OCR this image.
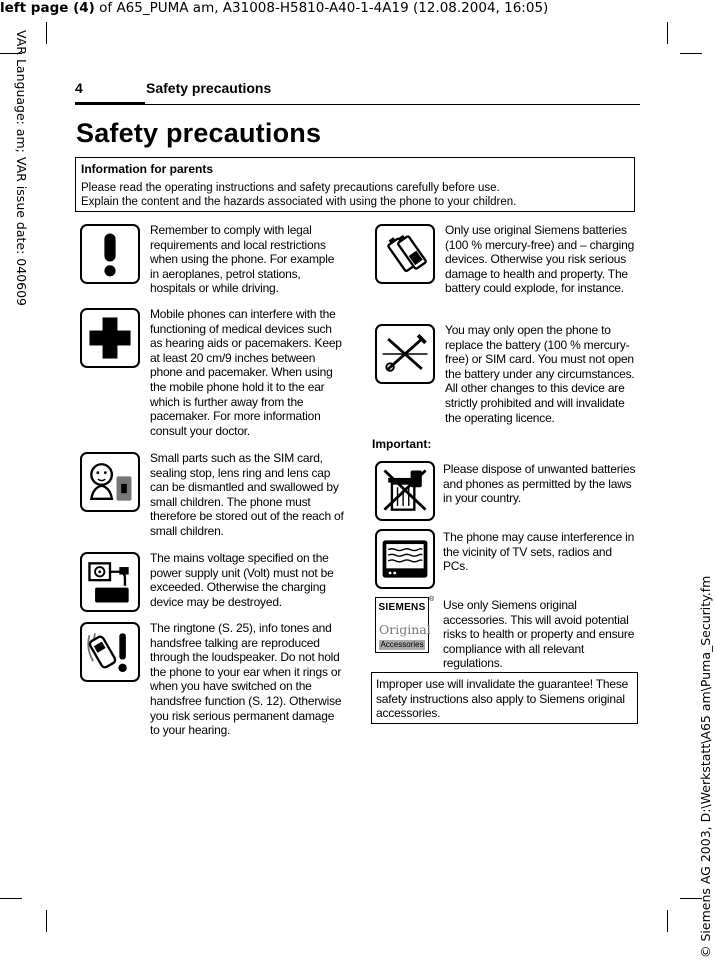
left page (4) of A65_PUMA am, A31008-H5810-A40-1-4A19 (12.08.2004, 16:05)
VAR Language: am; VAR issue date: 040609
© Siemens AG 2003, D:\Werkstatt\A65 am\Puma_Security.fm
4	Safety precautions
Safety precautions
Information for parents
Please read the operating instructions and safety precautions carefully before use.
Explain the content and the hazards associated with using the phone to your children.
Remember to comply with legal requirements and local restrictions when using the phone. For example in aeroplanes, petrol stations, hospitals or while driving.
Mobile phones can interfere with the functioning of medical devices such as hearing aids or pacemakers. Keep at least 20 cm/9 inches between phone and pacemaker. When using the mobile phone hold it to the ear which is further away from the pacemaker. For more information consult your doctor.
Small parts such as the SIM card, sealing stop, lens ring and lens cap can be dismantled and swallowed by small children. The phone must therefore be stored out of the reach of small children.
The mains voltage specified on the power supply unit (Volt) must not be exceeded. Otherwise the charging device may be destroyed.
The ringtone (S. 25), info tones and handsfree talking are reproduced through the loudspeaker. Do not hold the phone to your ear when it rings or when you have switched on the handsfree function (S. 12). Otherwise you risk serious permanent damage to your hearing.
Only use original Siemens batteries (100 % mercury-free) and – charging devices. Otherwise you risk serious damage to health and property. The battery could explode, for instance.
You may only open the phone to replace the battery (100 % mercury-free) or SIM card. You must not open the battery under any circumstances. All other changes to this device are strictly prohibited and will invalidate the operating licence.
Important:
Please dispose of unwanted batteries and phones as permitted by the laws in your country.
The phone may cause interference in the vicinity of TV sets, radios and PCs.
SIEMENS
Original
Accessories
® Use only Siemens original accessories. This will avoid potential risks to health or property and ensure compliance with all relevant regulations.
Improper use will invalidate the guarantee! These safety instructions also apply to Siemens original accessories.
